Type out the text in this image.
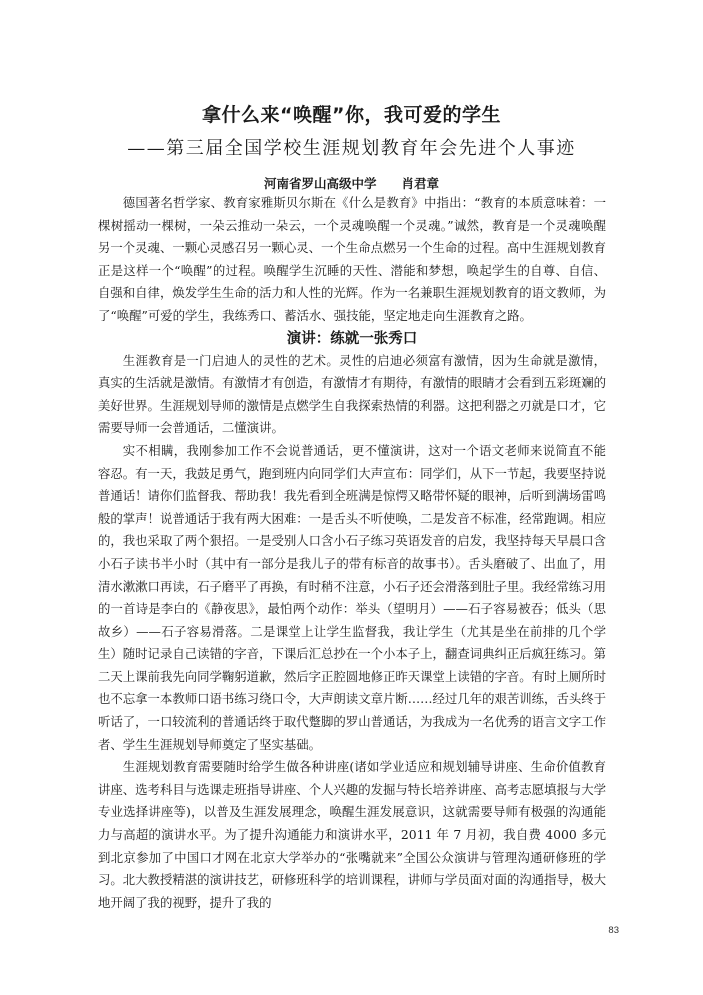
拿什么来“唤醒”你，我可爱的学生
——第三届全国学校生涯规划教育年会先进个人事迹
河南省罗山高级中学　　肖君章

德国著名哲学家、教育家雅斯贝尔斯在《什么是教育》中指出：“教育的本质意味着：一棵树摇动一棵树，一朵云推动一朵云，一个灵魂唤醒一个灵魂。”诚然，教育是一个灵魂唤醒另一个灵魂、一颗心灵感召另一颗心灵、一个生命点燃另一个生命的过程。高中生涯规划教育正是这样一个“唤醒”的过程。唤醒学生沉睡的天性、潜能和梦想，唤起学生的自尊、自信、自强和自律，焕发学生生命的活力和人性的光辉。作为一名兼职生涯规划教育的语文教师，为了“唤醒”可爱的学生，我练秀口、蓄活水、强技能，坚定地走向生涯教育之路。

演讲：练就一张秀口

生涯教育是一门启迪人的灵性的艺术。灵性的启迪必须富有激情，因为生命就是激情，真实的生活就是激情。有激情才有创造，有激情才有期待，有激情的眼睛才会看到五彩斑斓的美好世界。生涯规划导师的激情是点燃学生自我探索热情的利器。这把利器之刃就是口才，它需要导师一会普通话，二懂演讲。

实不相瞒，我刚参加工作不会说普通话，更不懂演讲，这对一个语文老师来说简直不能容忍。有一天，我鼓足勇气，跑到班内向同学们大声宣布：同学们，从下一节起，我要坚持说普通话！请你们监督我、帮助我！我先看到全班满是惊愕又略带怀疑的眼神，后听到满场雷鸣般的掌声！说普通话于我有两大困难：一是舌头不听使唤，二是发音不标准，经常跑调。相应的，我也采取了两个狠招。一是受别人口含小石子练习英语发音的启发，我坚持每天早晨口含小石子读书半小时（其中有一部分是我儿子的带有标音的故事书）。舌头磨破了、出血了，用清水漱漱口再读，石子磨平了再换，有时稍不注意，小石子还会滑落到肚子里。我经常练习用的一首诗是李白的《静夜思》，最怕两个动作：举头（望明月）——石子容易被吞；低头（思故乡）——石子容易滑落。二是课堂上让学生监督我，我让学生（尤其是坐在前排的几个学生）随时记录自己读错的字音，下课后汇总抄在一个小本子上，翻查词典纠正后疯狂练习。第二天上课前我先向同学鞠躬道歉，然后字正腔圆地修正昨天课堂上读错的字音。有时上厕所时也不忘拿一本教师口语书练习绕口令，大声朗读文章片断……经过几年的艰苦训练，舌头终于听话了，一口较流利的普通话终于取代蹩脚的罗山普通话，为我成为一名优秀的语言文字工作者、学生生涯规划导师奠定了坚实基础。

生涯规划教育需要随时给学生做各种讲座(诸如学业适应和规划辅导讲座、生命价值教育讲座、选考科目与选课走班指导讲座、个人兴趣的发掘与特长培养讲座、高考志愿填报与大学专业选择讲座等)，以普及生涯发展理念，唤醒生涯发展意识，这就需要导师有极强的沟通能力与高超的演讲水平。为了提升沟通能力和演讲水平，2011 年 7 月初，我自费 4000 多元到北京参加了中国口才网在北京大学举办的“张嘴就来”全国公众演讲与管理沟通研修班的学习。北大教授精湛的演讲技艺，研修班科学的培训课程，讲师与学员面对面的沟通指导，极大地开阔了我的视野，提升了我的

83
